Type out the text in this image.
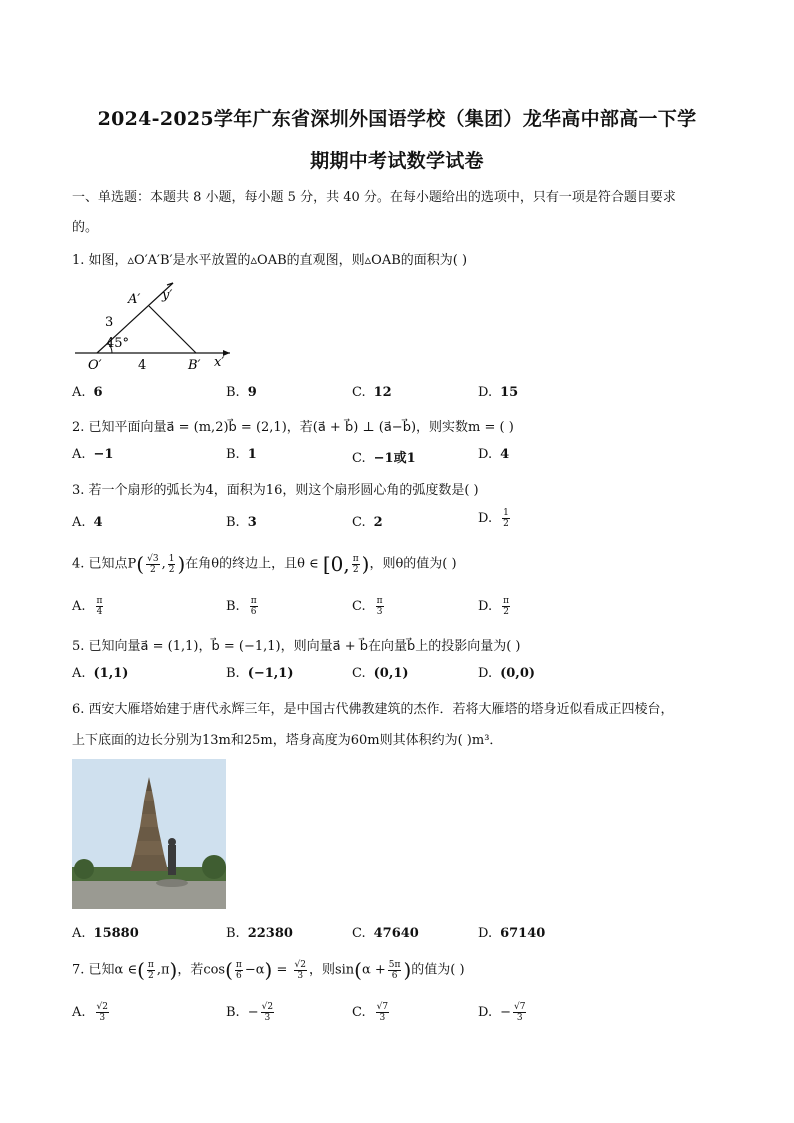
2024-2025学年广东省深圳外国语学校（集团）龙华高中部高一下学
期期中考试数学试卷
一、单选题：本题共 8 小题，每小题 5 分，共 40 分。在每小题给出的选项中，只有一项是符合题目要求
的。
1. 如图，▵O′A′B′是水平放置的▵OAB的直观图，则▵OAB的面积为( )
A′ y′
3
45°
O′	4	B′ x′
A. 6	B. 9	C. 12	D. 15
2. 已知平面向量a⃗ = (m,2)b⃗ = (2,1)，若(a⃗ + b⃗) ⊥ (a⃗−b⃗)，则实数m = ( )
A. −1	B. 1	C. −1或1	D. 4
3. 若一个扇形的弧长为4，面积为16，则这个扇形圆心角的弧度数是( )
A. 4	B. 3	C. 2	D. $\frac{1}{2}$
4. 已知点$P( \frac{√3}{2}$ , $\frac{1}{2}$ )在角θ的终边上，且θ ∈ [0, $\frac{\pi}{2}$ )，则θ的值为( )
A. $\frac{\pi}{4}$	B. $\frac{\pi}{6}$	C. $\frac{\pi}{3}$	D. $\frac{\pi}{2}$
5. 已知向量a⃗ = (1,1)，b⃗ = (−1,1)，则向量a⃗ + b⃗在向量b⃗上的投影向量为( )
A. (1,1)	B. (−1,1)	C. (0,1)	D. (0,0)
6. 西安大雁塔始建于唐代永辉三年，是中国古代佛教建筑的杰作．若将大雁塔的塔身近似看成正四棱台，
上下底面的边长分别为13m和25m，塔身高度为60m则其体积约为( )m³．
A. 15880	B. 22380	C. 47640	D. 67140
7. 已知α ∈( $\frac{\pi}{2} ,\pi$)，若$\cos( \frac{\pi}{6} -\alpha) = \frac{√2}{3}$ ，则$\sin(\alpha + \frac{5\pi}{6}$ )的值为( )
A. $\frac{√2}{3}$	B. − $\frac{√2}{3}$	C. $\frac{√7}{3}$	D. − $\frac{√7}{3}$
